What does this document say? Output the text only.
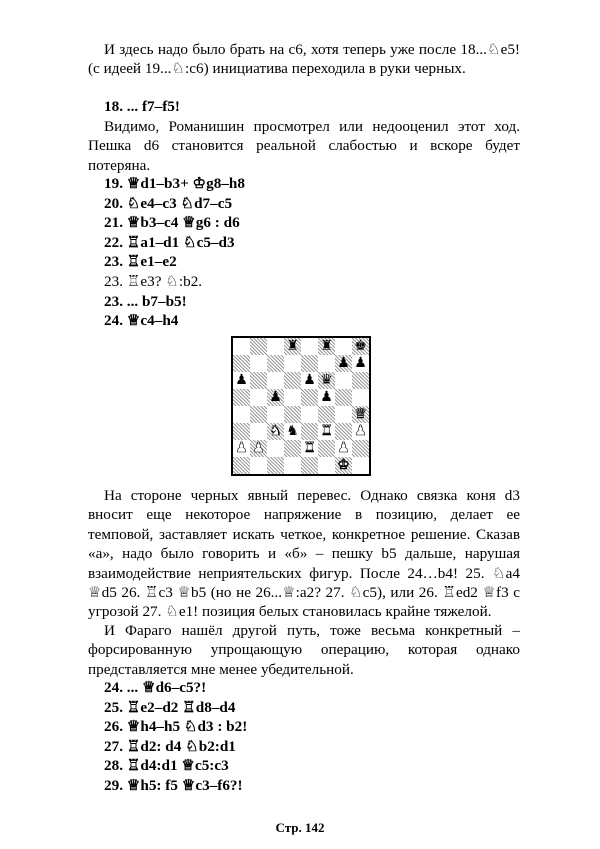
И здесь надо было брать на с6, хотя теперь уже после 18...♘e5! (с идеей 19...♘:c6) инициатива переходила в руки черных.

18. ... f7–f5!

Видимо, Романишин просмотрел или недооценил этот ход. Пешка d6 становится реальной слабостью и вскоре будет потеряна.

19. ♕d1–b3+ ♔g8–h8
20. ♘e4–c3 ♘d7–c5
21. ♕b3–c4 ♕g6 : d6
22. ♖a1–d1 ♘c5–d3
23. ♖e1–e2
23. ♖e3? ♘:b2.
23. ... b7–b5!
24. ♕c4–h4
♜ ♜ ♚
♟ ♟
♟	♟ ♛
♟	♟
♛
♞ ♞ ♜ ♟
♟ ♟	♜ ♟
♚

На стороне черных явный перевес. Однако связка коня d3 вносит еще некоторое напряжение в позицию, делает ее темповой, заставляет искать четкое, конкретное решение. Сказав «а», надо было говорить и «б» – пешку b5 дальше, нарушая взаимодействие неприятельских фигур. После 24…b4! 25. ♘a4 ♕d5 26. ♖c3 ♕b5 (но не 26...♕:a2? 27. ♘c5), или 26. ♖ed2 ♕f3 с угрозой 27. ♘e1! позиция белых становилась крайне тяжелой.

И Фараго нашёл другой путь, тоже весьма конкретный – форсированную упрощающую операцию, которая однако представляется мне менее убедительной.

24. ... ♕d6–c5?!
25. ♖e2–d2 ♖d8–d4
26. ♕h4–h5 ♘d3 : b2!
27. ♖d2: d4 ♘b2:d1
28. ♖d4:d1 ♕c5:c3
29. ♕h5: f5 ♕c3–f6?!
Стр. 142
